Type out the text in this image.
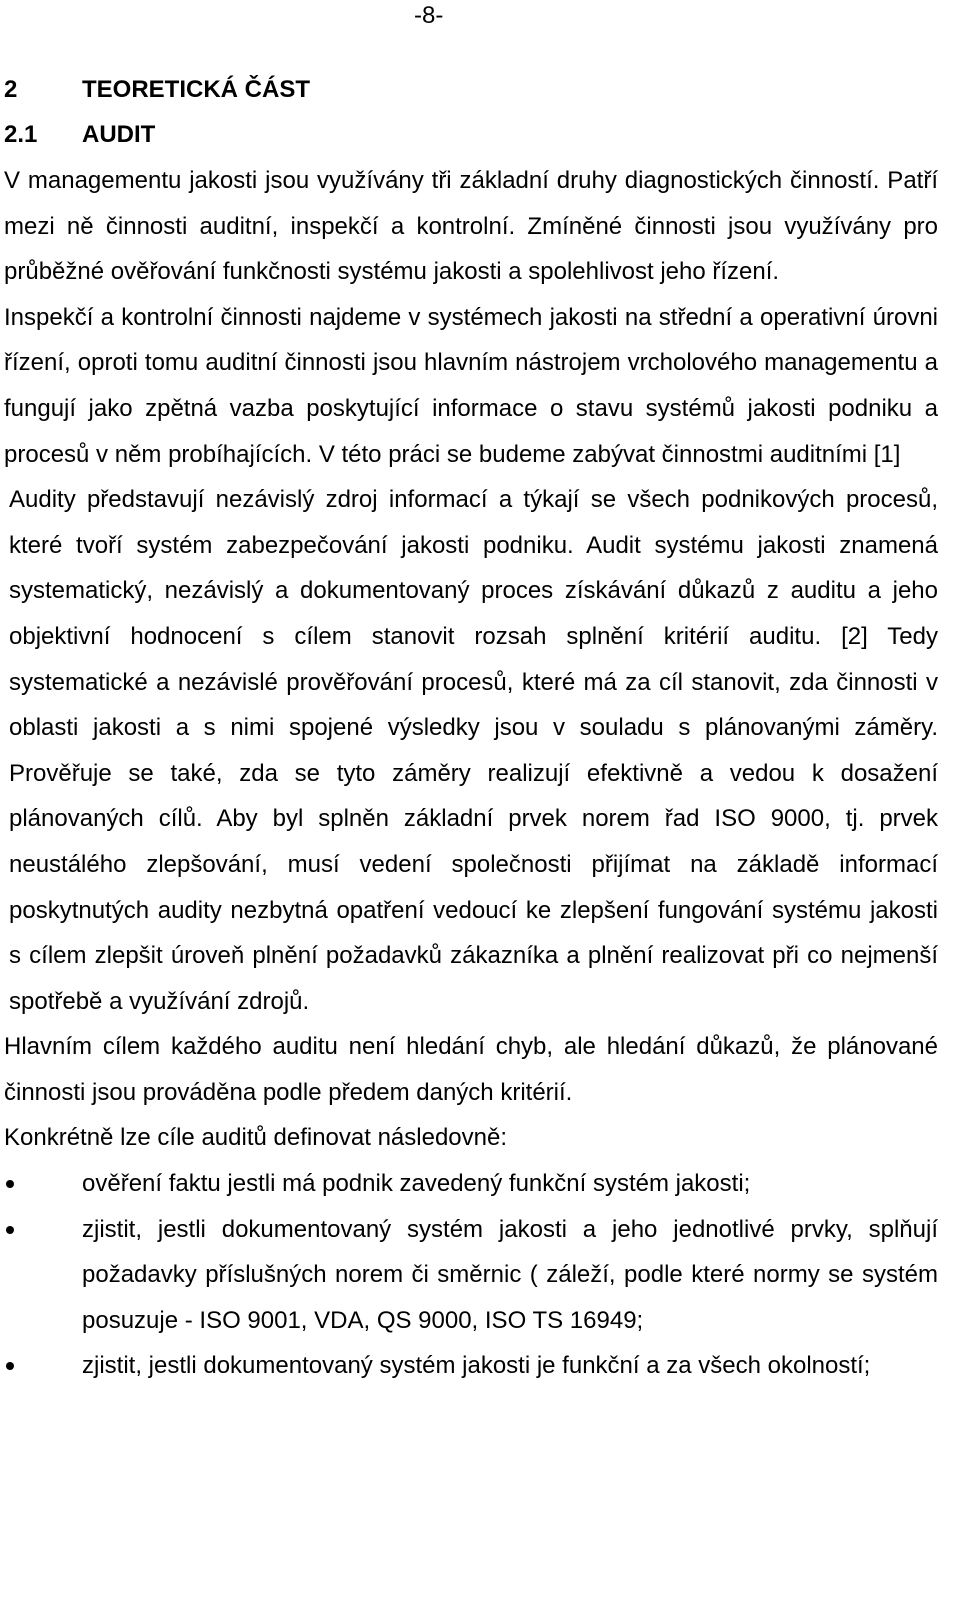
-8-
2	TEORETICKÁ ČÁST
2.1 AUDIT

V managementu jakosti jsou využívány tři základní druhy diagnostických činností. Patří mezi ně činnosti auditní, inspekčí a kontrolní. Zmíněné činnosti jsou využívány pro průběžné ověřování funkčnosti systému jakosti a spolehlivost jeho řízení.

Inspekčí a kontrolní činnosti najdeme v systémech jakosti na střední a operativní úrovni řízení, oproti tomu auditní činnosti jsou hlavním nástrojem vrcholového managementu a fungují jako zpětná vazba poskytující informace o stavu systémů jakosti podniku a procesů v něm probíhajících. V této práci se budeme zabývat činnostmi auditními [1]

Audity představují nezávislý zdroj informací a týkají se všech podnikových procesů, které tvoří systém zabezpečování jakosti podniku. Audit systému jakosti znamená systematický, nezávislý a dokumentovaný proces získávání důkazů z auditu a jeho objektivní hodnocení s cílem stanovit rozsah splnění kritérií auditu. [2] Tedy systematické a nezávislé prověřování procesů, které má za cíl stanovit, zda činnosti v oblasti jakosti a s nimi spojené výsledky jsou v souladu s plánovanými záměry. Prověřuje se také, zda se tyto záměry realizují efektivně a vedou k dosažení plánovaných cílů. Aby byl splněn základní prvek norem řad ISO 9000, tj. prvek neustálého zlepšování, musí vedení společnosti přijímat na základě informací poskytnutých audity nezbytná opatření vedoucí ke zlepšení fungování systému jakosti s cílem zlepšit úroveň plnění požadavků zákazníka a plnění realizovat při co nejmenší spotřebě a využívání zdrojů.

Hlavním cílem každého auditu není hledání chyb, ale hledání důkazů, že plánované činnosti jsou prováděna podle předem daných kritérií.

Konkrétně lze cíle auditů definovat následovně:

ověření faktu jestli má podnik zavedený funkční systém jakosti;
zjistit, jestli dokumentovaný systém jakosti a jeho jednotlivé prvky, splňují požadavky příslušných norem či směrnic ( záleží, podle které normy se systém posuzuje - ISO 9001, VDA, QS 9000, ISO TS 16949;
zjistit, jestli dokumentovaný systém jakosti je funkční a za všech okolností;
